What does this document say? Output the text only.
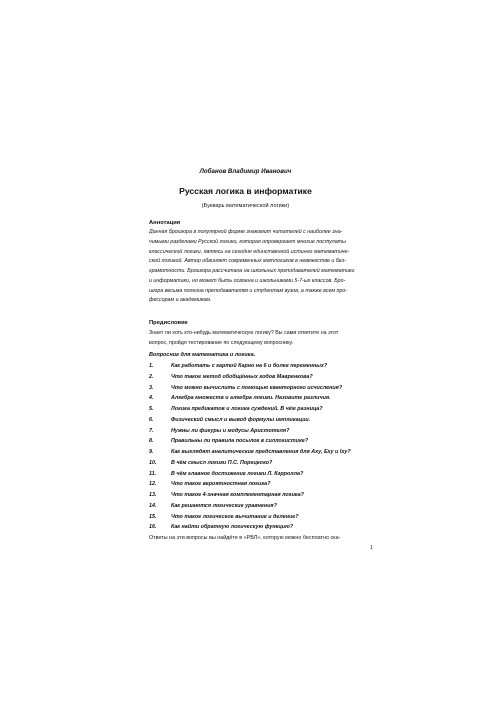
Лобанов Владимир Иванович
Русская логика в информатике
(Букварь математической логики)
Аннотация
Данная брошюра в популярной форме знакомит читателей с наиболее зна-
чимыми разделами Русской логики, которая опровергает многие постулаты
классической логики, являясь на сегодня единственной истинно математиче-
ской логикой. Автор обвиняет современных матлогиков в невежестве и без-
грамотности. Брошюра рассчитана на школьных преподавателей математики
и информатики, но может быть освоена и школьниками 5-7-ых классов. Бро-
шюра весьма полезна преподавателям и студентам вузов, а также всем про-
фессорам и академикам.
Предисловие
Знает ли хоть кто-нибудь математическую логику? Вы сами ответите на этот
вопрос, пройдя тестирование по следующему вопроснику.
Вопросник для математика и логика.
1.	Как работать с картой Карно на 6 и более переменных?
2.	Что такое метод обобщённых кодов Мавренкова?
3.	Что можно вычислить с помощью кванторного исчисления?
4.	Алгебра множеств и алгебра логики. Назовите различия.
5.	Логика предикатов и логика суждений. В чём разница?
6.	Физический смысл и вывод формулы импликации.
7.	Нужны ли фигуры и модусы Аристотеля?
8.	Правильны ли правила посылок в силлогистике?
9.	Как выглядят аналитические представления для Axy, Exy и Ixy?
10.	В чём смысл логики П.С. Порецкого?
11.	В чём главное достижение логики Л. Кэрролла?
12.	Что такое вероятностная логика?
13.	Что такое 4-значная комплементарная логика?
14.	Как решаются логические уравнения?
15.	Что такое логическое вычитание и деление?
16.	Как найти обратную логическую функцию?
Ответы на эти вопросы вы найдёте в «РВЛ», которую можно бесплатно ска-
1
